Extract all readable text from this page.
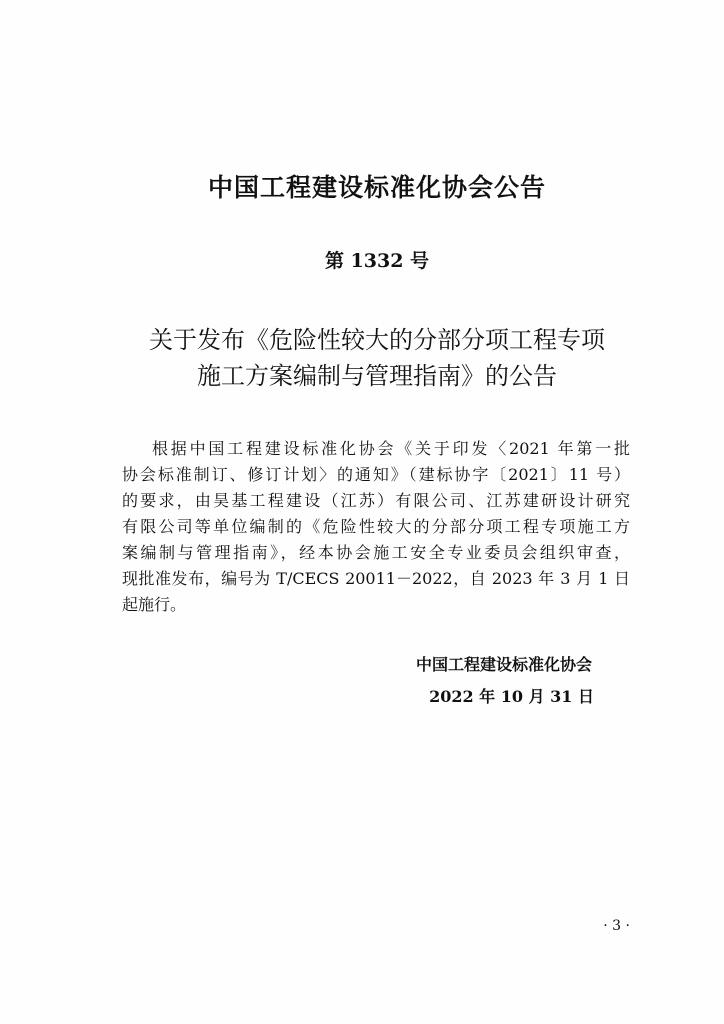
中国工程建设标准化协会公告
第 1332 号
关于发布《危险性较大的分部分项工程专项
施工方案编制与管理指南》的公告
根据中国工程建设标准化协会《关于印发〈2021 年第一批
协会标准制订、修订计划〉的通知》（建标协字〔2021〕11 号）
的要求，由昊基工程建设（江苏）有限公司、江苏建研设计研究
有限公司等单位编制的《危险性较大的分部分项工程专项施工方
案编制与管理指南》，经本协会施工安全专业委员会组织审查，
现批准发布，编号为 T/CECS 20011－2022，自 2023 年 3 月 1 日
起施行。
中国工程建设标准化协会
2022 年 10 月 31 日
· 3 ·
